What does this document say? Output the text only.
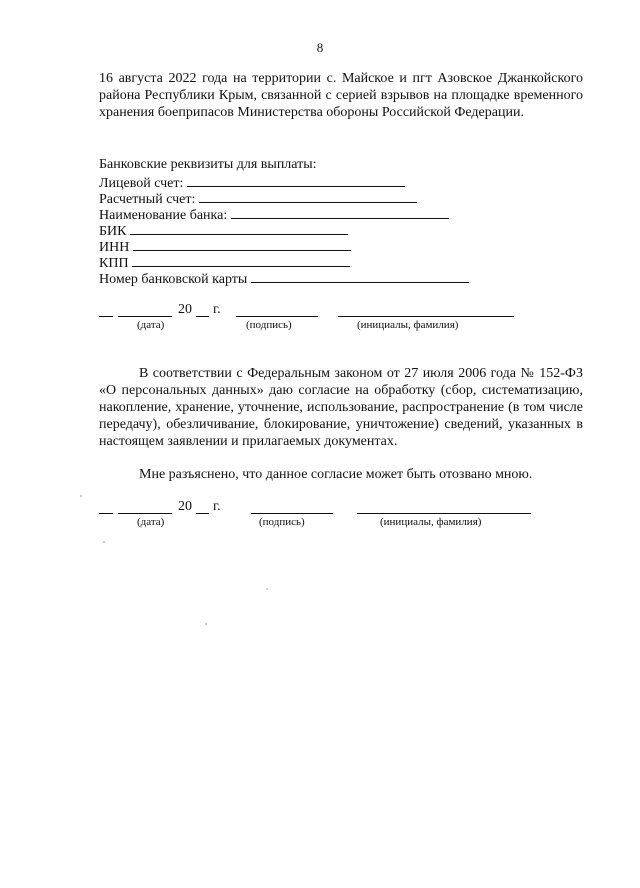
8
16 августа 2022 года на территории с. Майское и пгт Азовское Джанкойского района Республики Крым, связанной с серией взрывов на площадке временного хранения боеприпасов Министерства обороны Российской Федерации.
Банковские реквизиты для выплаты:
Лицевой счет:
Расчетный счет:
Наименование банка:
БИК
ИНН
КПП
Номер банковской карты
20 г.
(дата)	(подпись)	(инициалы, фамилия)
В соответствии с Федеральным законом от 27 июля 2006 года № 152-ФЗ «О персональных данных» даю согласие на обработку (сбор, систематизацию, накопление, хранение, уточнение, использование, распространение (в том числе передачу), обезличивание, блокирование, уничтожение) сведений, указанных в настоящем заявлении и прилагаемых документах.
Мне разъяснено, что данное согласие может быть отозвано мною.
20 г.
(дата)	(подпись)	(инициалы, фамилия)
